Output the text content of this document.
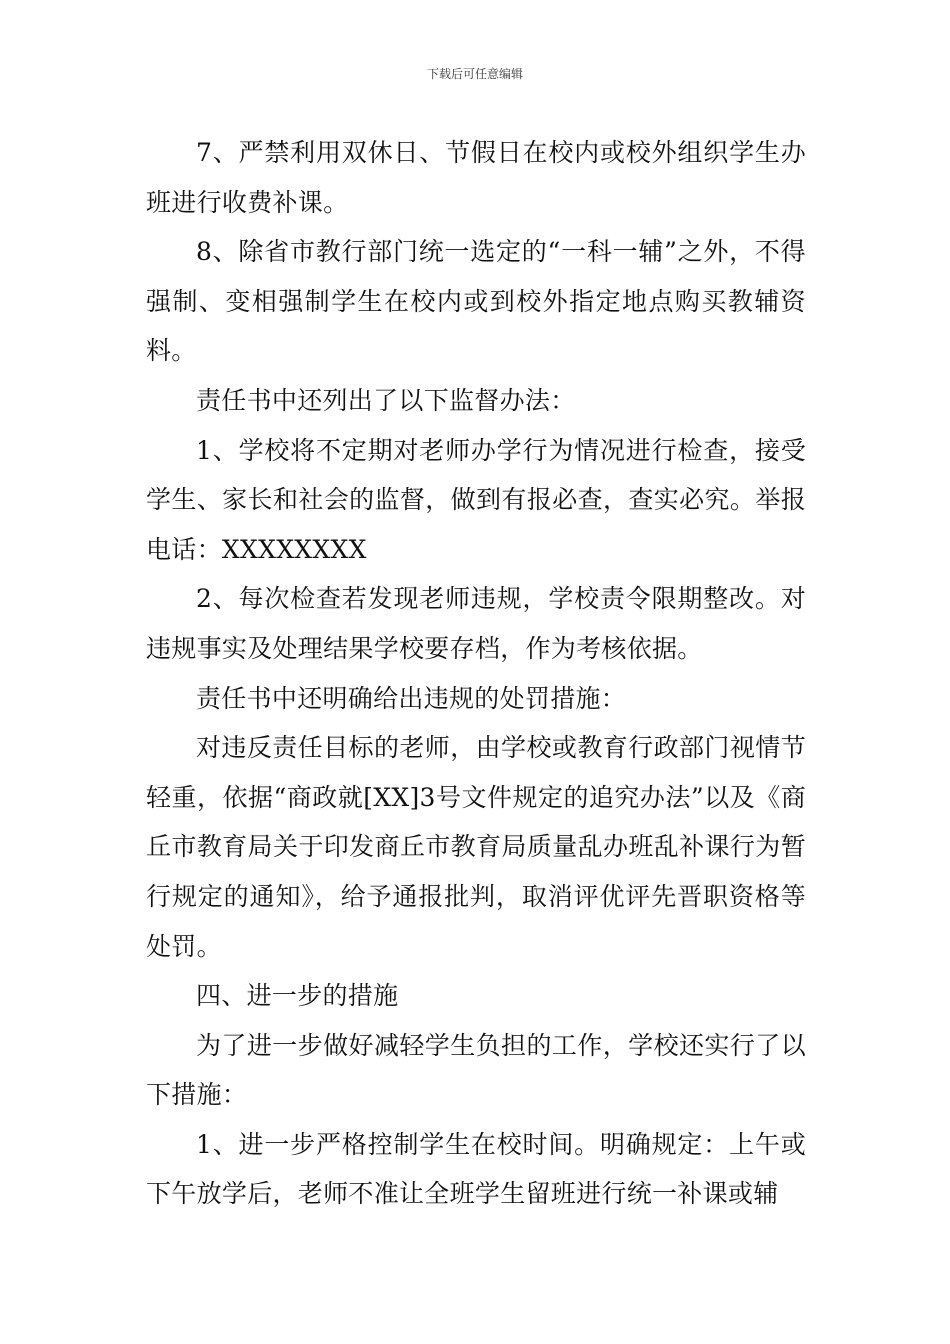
下载后可任意编辑

7、严禁利用双休日、节假日在校内或校外组织学生办班进行收费补课。

8、除省市教行部门统一选定的“一科一辅”之外，不得强制、变相强制学生在校内或到校外指定地点购买教辅资料。

责任书中还列出了以下监督办法：

1、学校将不定期对老师办学行为情况进行检查，接受学生、家长和社会的监督，做到有报必查，查实必究。举报电话：XXXXXXXX

2、每次检查若发现老师违规，学校责令限期整改。对违规事实及处理结果学校要存档，作为考核依据。

责任书中还明确给出违规的处罚措施：

对违反责任目标的老师，由学校或教育行政部门视情节轻重，依据“商政就[XX]3号文件规定的追究办法”以及《商丘市教育局关于印发商丘市教育局质量乱办班乱补课行为暂行规定的通知》，给予通报批判，取消评优评先晋职资格等处罚。

四、进一步的措施

为了进一步做好减轻学生负担的工作，学校还实行了以下措施：

1、进一步严格控制学生在校时间。明确规定：上午或下午放学后，老师不准让全班学生留班进行统一补课或辅
